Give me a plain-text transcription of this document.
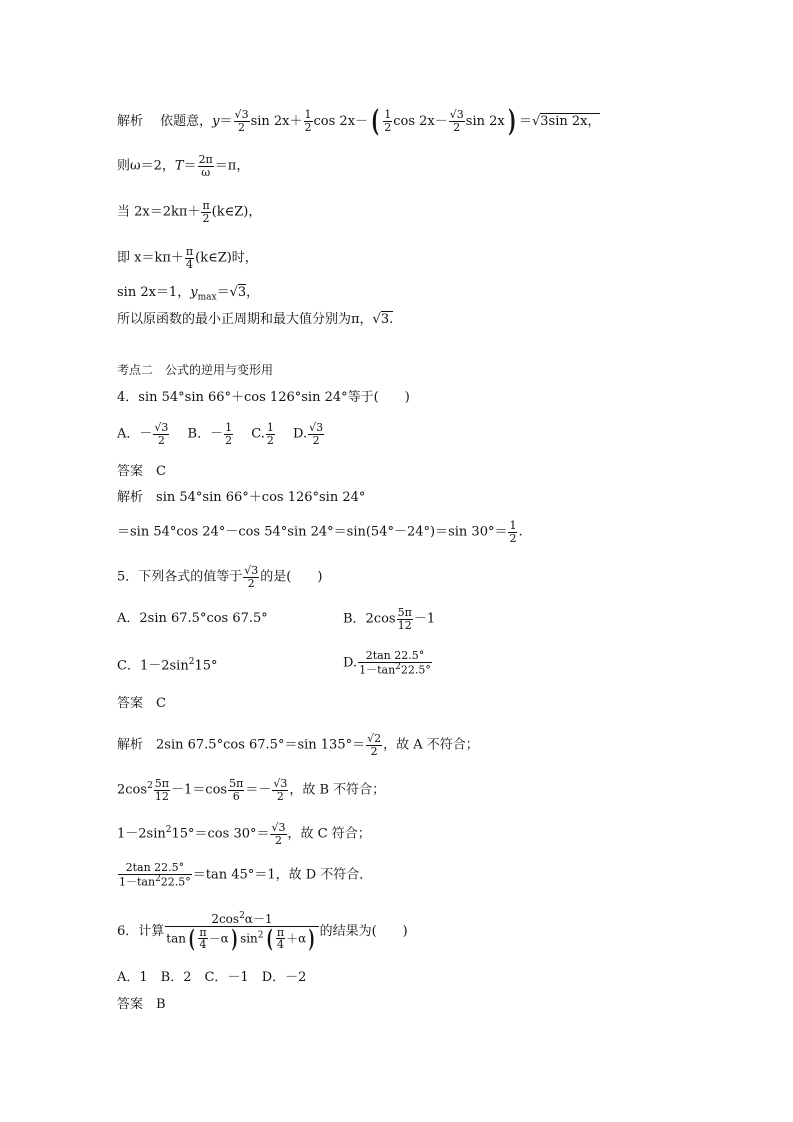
解析　 依题意，$y= \frac{√3}{2}$ $\sin 2x+ \frac{1}{2}$ cos 2x－ ( $\frac{1}{2}$ $\cos 2x- \frac{√3}{2}$ sin 2x ) ＝√3sin 2x，
则ω＝2，$T= \frac{2\pi}{\omega} =\pi$，
当 $2x=2k\pi+ \frac{\pi}{2}$ (k∈Z)，
即 $x=k\pi+ \frac{\pi}{4}$ (k∈Z)时，
sin 2x＝1，$y_{max}=√3$，
所以原函数的最小正周期和最大值分别为π，√3.
考点二　公式的逆用与变形用
4．sin 54°sin 66°＋cos 126°sin 24°等于(　　)
A．－ $\frac{√3}{2}$
　 B．－ $\frac{1}{2}$
　 C. $\frac{1}{2}$
　 D. $\frac{√3}{2}$
答案　 C
解析　 sin 54°sin 66°＋cos 126°sin 24°
＝sin 54°cos 24°－cos 54°sin 24°＝sin(54°－24°)＝sin $30^\circ= \frac{1}{2}$ .
5．下列各式的值等于 $\frac{√3}{2}$ 的是(　　)
A．2sin 67.5°cos 67.5°	B．$2\cos \frac{5\pi}{12} -1$
C．$1-2\sin^215^\circ$	D. $\frac{2\tan 22.5^\circ}{1-\tan^222.5^\circ}$
答案　 C
解析　 2sin 67.5°cos 67.5°＝sin $135^\circ= \frac{√2}{2}$ ，故 A 不符合；
$2\cos^2 \frac{5\pi}{12} -1=\cos \frac{5\pi}{6} =- \frac{√3}{2}$ ，故 B 不符合；
$1-2\sin^215^\circ=\cos$ $30^\circ= \frac{√3}{2}$ ，故 C 符合；
$\frac{2\tan 22.5^\circ}{1-\tan^222.5^\circ} =\tan$ 45°＝1，故 D 不符合．
6．计算 $\frac{2\cos^2\alpha-1}{\tan ( \frac{\pi}{4} -\alpha ) \sin^2 ( \frac{\pi}{4} +\alpha )}$ 的结果为(　　)
A．1　B．2　C．－1　D．－2
答案　 B
